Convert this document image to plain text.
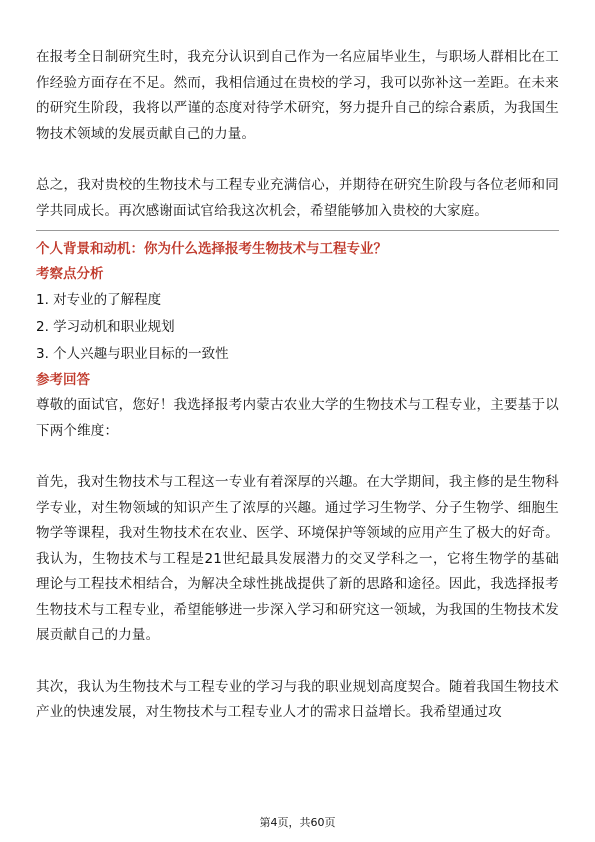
在报考全日制研究生时，我充分认识到自己作为一名应届毕业生，与职场人群相比在工作经验方面存在不足。然而，我相信通过在贵校的学习，我可以弥补这一差距。在未来的研究生阶段，我将以严谨的态度对待学术研究，努力提升自己的综合素质，为我国生物技术领域的发展贡献自己的力量。

总之，我对贵校的生物技术与工程专业充满信心，并期待在研究生阶段与各位老师和同学共同成长。再次感谢面试官给我这次机会，希望能够加入贵校的大家庭。

个人背景和动机：你为什么选择报考生物技术与工程专业？

考察点分析

1. 对专业的了解程度

2. 学习动机和职业规划

3. 个人兴趣与职业目标的一致性

参考回答

尊敬的面试官，您好！我选择报考内蒙古农业大学的生物技术与工程专业，主要基于以下两个维度：

首先，我对生物技术与工程这一专业有着深厚的兴趣。在大学期间，我主修的是生物科学专业，对生物领域的知识产生了浓厚的兴趣。通过学习生物学、分子生物学、细胞生物学等课程，我对生物技术在农业、医学、环境保护等领域的应用产生了极大的好奇。我认为，生物技术与工程是21世纪最具发展潜力的交叉学科之一，它将生物学的基础理论与工程技术相结合，为解决全球性挑战提供了新的思路和途径。因此，我选择报考生物技术与工程专业，希望能够进一步深入学习和研究这一领域，为我国的生物技术发展贡献自己的力量。

其次，我认为生物技术与工程专业的学习与我的职业规划高度契合。随着我国生物技术产业的快速发展，对生物技术与工程专业人才的需求日益增长。我希望通过攻

第4页，共60页
